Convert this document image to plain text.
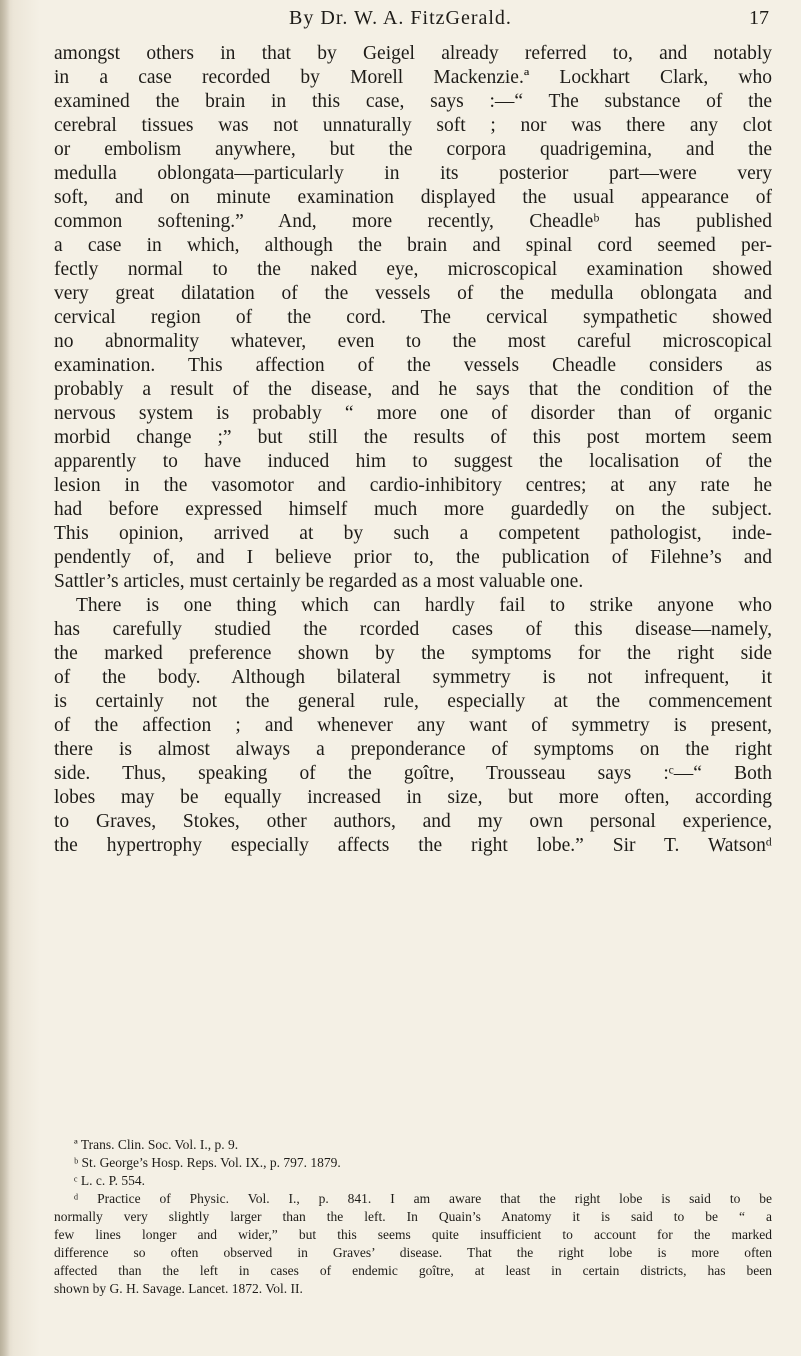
By Dr. W. A. FitzGerald.	17
amongst others in that by Geigel already referred to, and notably
in a case recorded by Morell Mackenzie.ª Lockhart Clark, who
examined the brain in this case, says :—“ The substance of the
cerebral tissues was not unnaturally soft ; nor was there any clot
or embolism anywhere, but the corpora quadrigemina, and the
medulla oblongata—particularly in its posterior part—were very
soft, and on minute examination displayed the usual appearance of
common softening.” And, more recently, Cheadleᵇ has published
a case in which, although the brain and spinal cord seemed per-
fectly normal to the naked eye, microscopical examination showed
very great dilatation of the vessels of the medulla oblongata and
cervical region of the cord. The cervical sympathetic showed
no abnormality whatever, even to the most careful microscopical
examination. This affection of the vessels Cheadle considers as
probably a result of the disease, and he says that the condition of the
nervous system is probably “ more one of disorder than of organic
morbid change ;” but still the results of this post mortem seem
apparently to have induced him to suggest the localisation of the
lesion in the vasomotor and cardio-inhibitory centres; at any rate he
had before expressed himself much more guardedly on the subject.
This opinion, arrived at by such a competent pathologist, inde-
pendently of, and I believe prior to, the publication of Filehne’s and
Sattler’s articles, must certainly be regarded as a most valuable one.
There is one thing which can hardly fail to strike anyone who
has carefully studied the rcorded cases of this disease—namely,
the marked preference shown by the symptoms for the right side
of the body. Although bilateral symmetry is not infrequent, it
is certainly not the general rule, especially at the commencement
of the affection ; and whenever any want of symmetry is present,
there is almost always a preponderance of symptoms on the right
side. Thus, speaking of the goître, Trousseau says :ᶜ—“ Both
lobes may be equally increased in size, but more often, according
to Graves, Stokes, other authors, and my own personal experience,
the hypertrophy especially affects the right lobe.” Sir T. Watsonᵈ
ª Trans. Clin. Soc. Vol. I., p. 9.
ᵇ St. George’s Hosp. Reps. Vol. IX., p. 797. 1879.
ᶜ L. c. P. 554.
ᵈ Practice of Physic. Vol. I., p. 841. I am aware that the right lobe is said to be
normally very slightly larger than the left. In Quain’s Anatomy it is said to be “ a
few lines longer and wider,” but this seems quite insufficient to account for the marked
difference so often observed in Graves’ disease. That the right lobe is more often
affected than the left in cases of endemic goître, at least in certain districts, has been
shown by G. H. Savage. Lancet. 1872. Vol. II.
